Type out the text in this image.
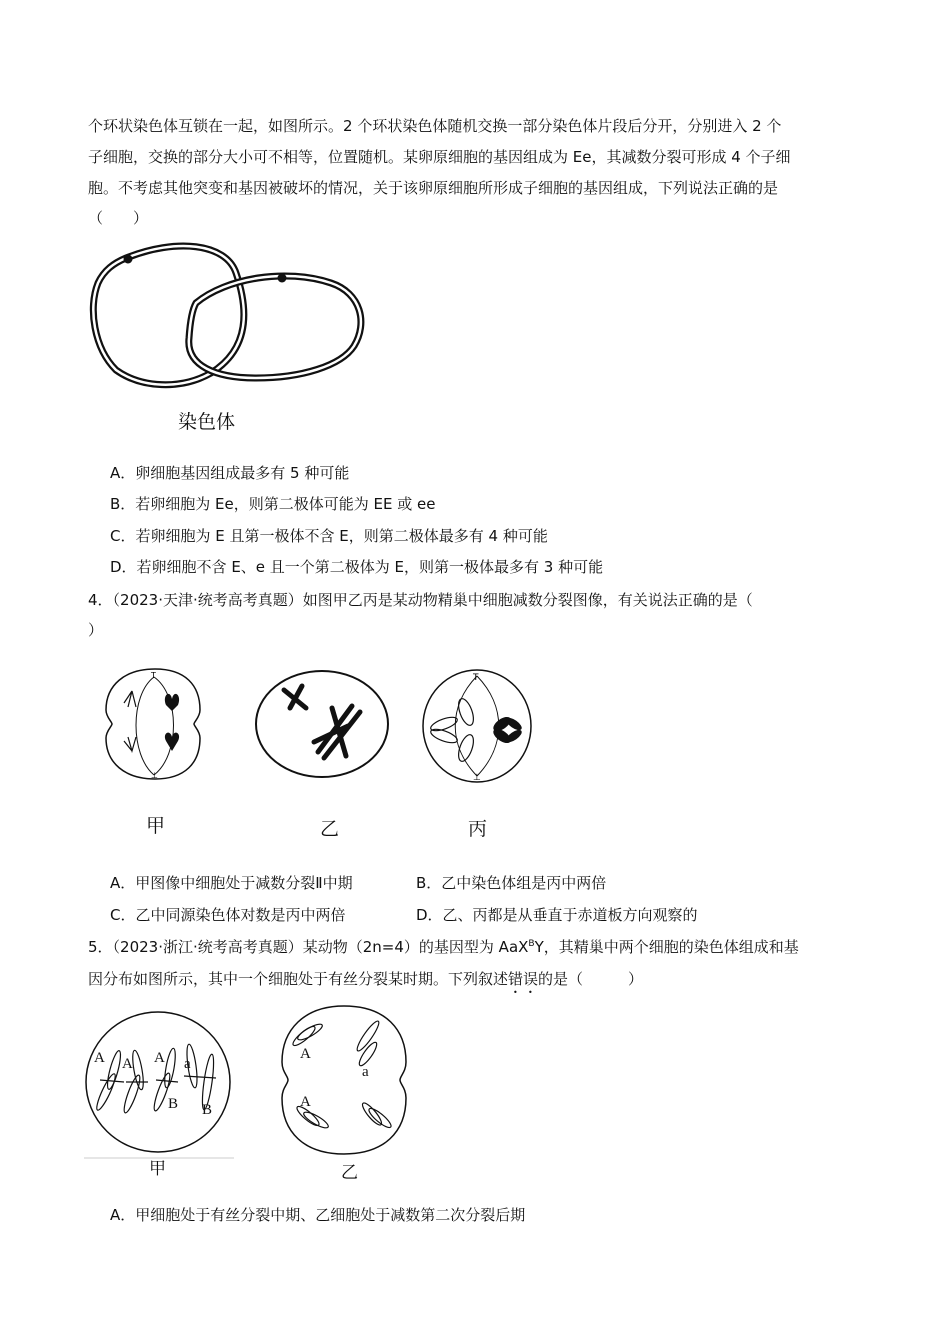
个环状染色体互锁在一起，如图所示。2 个环状染色体随机交换一部分染色体片段后分开，分别进入 2 个
子细胞，交换的部分大小可不相等，位置随机。某卵原细胞的基因组成为 Ee，其减数分裂可形成 4 个子细
胞。不考虑其他突变和基因被破坏的情况，关于该卵原细胞所形成子细胞的基因组成，下列说法正确的是
（　　）
染色体
A．卵细胞基因组成最多有 5 种可能
B．若卵细胞为 Ee，则第二极体可能为 EE 或 ee
C．若卵细胞为 E 且第一极体不含 E，则第二极体最多有 4 种可能
D．若卵细胞不含 E、e 且一个第二极体为 E，则第一极体最多有 3 种可能
4．（2023·天津·统考高考真题）如图甲乙丙是某动物精巢中细胞减数分裂图像，有关说法正确的是（
）
T
⊥
甲	乙
T
⊥
丙
A．甲图像中细胞处于减数分裂Ⅱ中期	B．乙中染色体组是丙中两倍
C．乙中同源染色体对数是丙中两倍	D．乙、丙都是从垂直于赤道板方向观察的
5．（2023·浙江·统考高考真题）某动物（2n=4）的基因型为 AaX$^B$Y，其精巢中两个细胞的染色体组成和基
因分布如图所示，其中一个细胞处于有丝分裂某时期。下列叙述错误的是（　　　）
A A A a
B B
甲
A
a
A
乙
A．甲细胞处于有丝分裂中期、乙细胞处于减数第二次分裂后期
